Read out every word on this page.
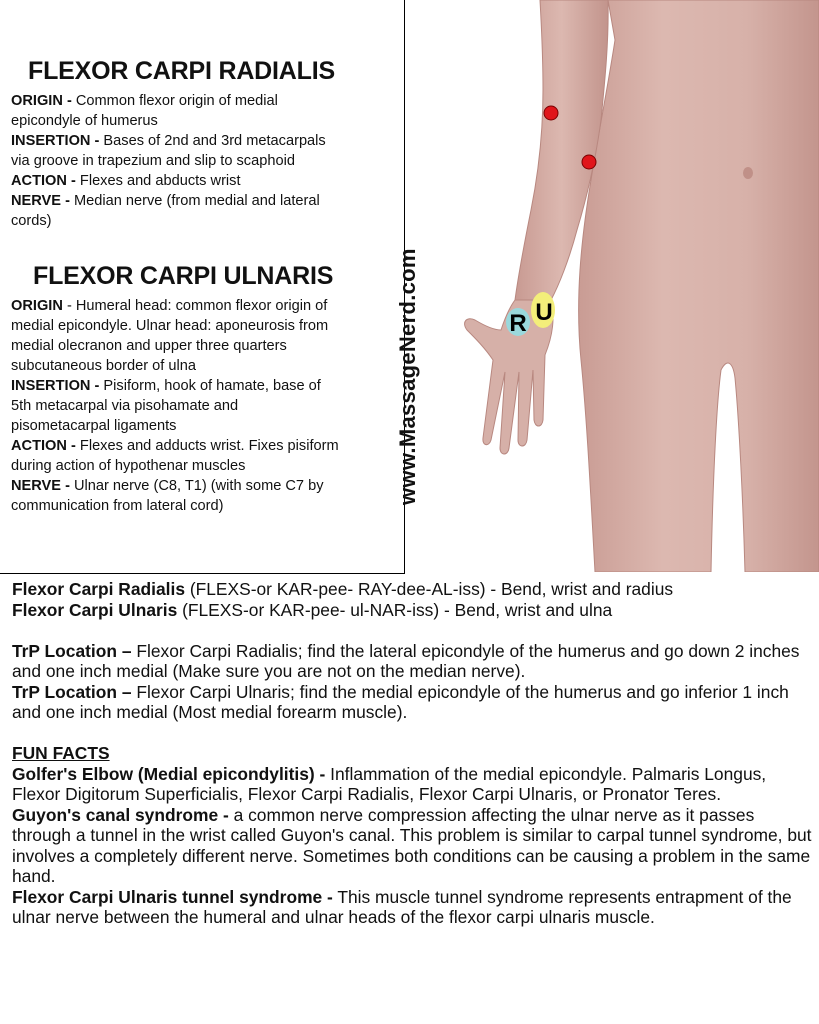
FLEXOR CARPI RADIALIS

ORIGIN - Common flexor origin of medial

epicondyle of humerus

INSERTION - Bases of 2nd and 3rd metacarpals

via groove in trapezium and slip to scaphoid

ACTION - Flexes and abducts wrist

NERVE - Median nerve (from medial and lateral

cords)

FLEXOR CARPI ULNARIS

ORIGIN - Humeral head: common flexor origin of

medial epicondyle. Ulnar head: aponeurosis from

medial olecranon and upper three quarters

subcutaneous border of ulna

INSERTION - Pisiform, hook of hamate, base of

5th metacarpal via pisohamate and

pisometacarpal ligaments

ACTION - Flexes and adducts wrist. Fixes pisiform

during action of hypothenar muscles

NERVE - Ulnar nerve (C8, T1) (with some C7 by

communication from lateral cord)

www.MassageNerd.com	R U

Flexor Carpi Radialis (FLEXS-or KAR-pee- RAY-dee-AL-iss) - Bend, wrist and radius

Flexor Carpi Ulnaris (FLEXS-or KAR-pee- ul-NAR-iss) - Bend, wrist and ulna

TrP Location – Flexor Carpi Radialis; find the lateral epicondyle of the humerus and go down 2 inches and one inch medial (Make sure you are not on the median nerve).

TrP Location – Flexor Carpi Ulnaris; find the medial epicondyle of the humerus and go inferior 1 inch and one inch medial (Most medial forearm muscle).

FUN FACTS

Golfer's Elbow (Medial epicondylitis) - Inflammation of the medial epicondyle. Palmaris Longus, Flexor Digitorum Superficialis, Flexor Carpi Radialis, Flexor Carpi Ulnaris, or Pronator Teres.

Guyon's canal syndrome - a common nerve compression affecting the ulnar nerve as it passes through a tunnel in the wrist called Guyon's canal. This problem is similar to carpal tunnel syndrome, but involves a completely different nerve. Sometimes both conditions can be causing a problem in the same hand.

Flexor Carpi Ulnaris tunnel syndrome - This muscle tunnel syndrome represents entrapment of the ulnar nerve between the humeral and ulnar heads of the flexor carpi ulnaris muscle.
